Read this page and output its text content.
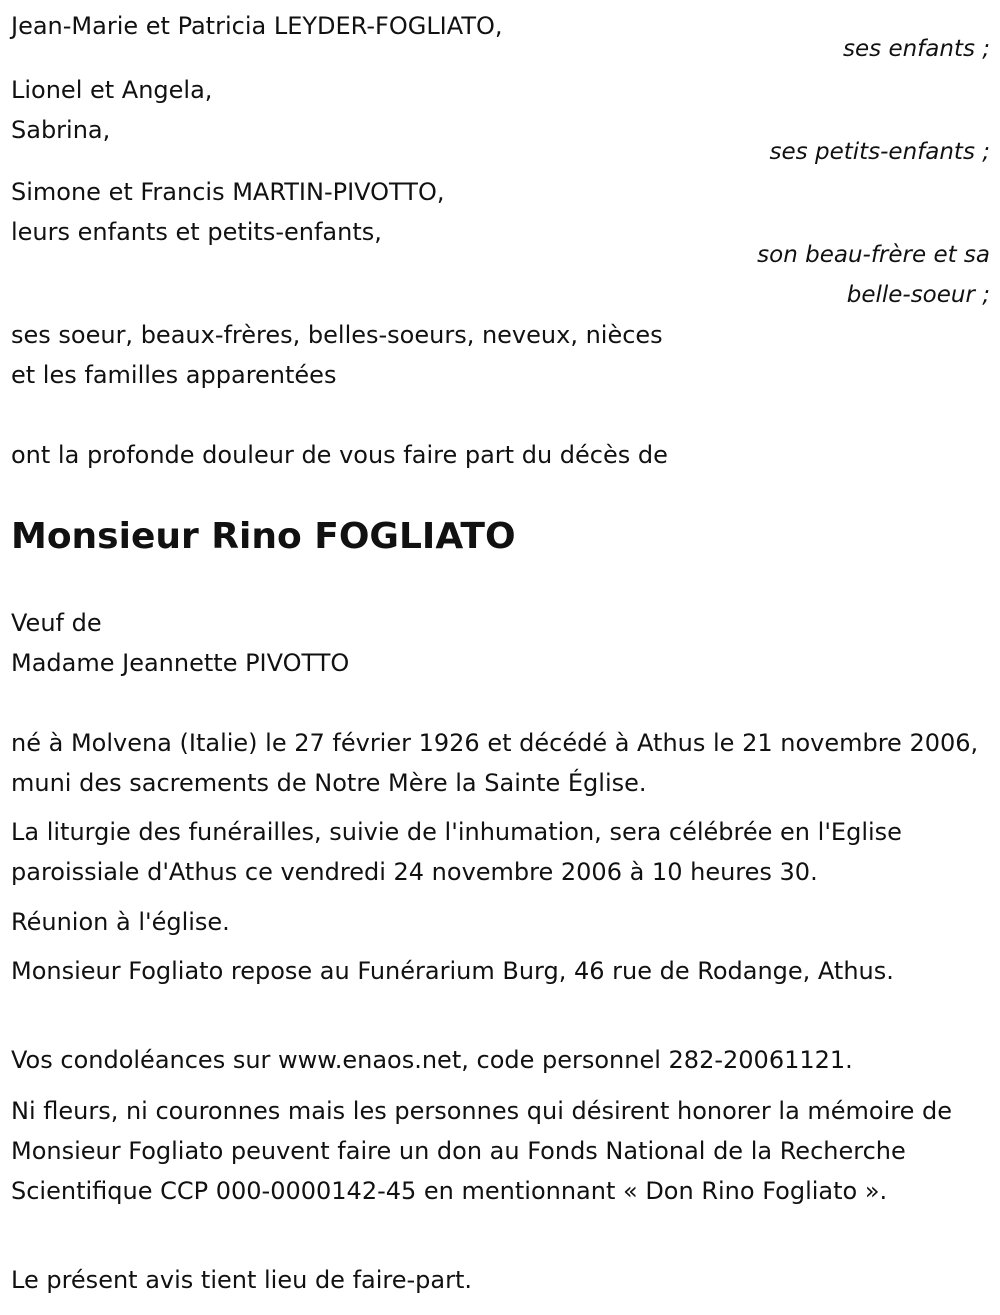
Jean-Marie et Patricia LEYDER-FOGLIATO,
ses enfants ;
Lionel et Angela,
Sabrina,
ses petits-enfants ;
Simone et Francis MARTIN-PIVOTTO,
leurs enfants et petits-enfants,
son beau-frère et sa
belle-soeur ;
ses soeur, beaux-frères, belles-soeurs, neveux, nièces
et les familles apparentées
ont la profonde douleur de vous faire part du décès de
Monsieur Rino FOGLIATO
Veuf de
Madame Jeannette PIVOTTO
né à Molvena (Italie) le 27 février 1926 et décédé à Athus le 21 novembre 2006, muni des sacrements de Notre Mère la Sainte Église.
La liturgie des funérailles, suivie de l'inhumation, sera célébrée en l'Eglise paroissiale d'Athus ce vendredi 24 novembre 2006 à 10 heures 30.
Réunion à l'église.
Monsieur Fogliato repose au Funérarium Burg, 46 rue de Rodange, Athus.
Vos condoléances sur www.enaos.net, code personnel 282-20061121.
Ni fleurs, ni couronnes mais les personnes qui désirent honorer la mémoire de Monsieur Fogliato peuvent faire un don au Fonds National de la Recherche Scientifique CCP 000-0000142-45 en mentionnant « Don Rino Fogliato ».
Le présent avis tient lieu de faire-part.
